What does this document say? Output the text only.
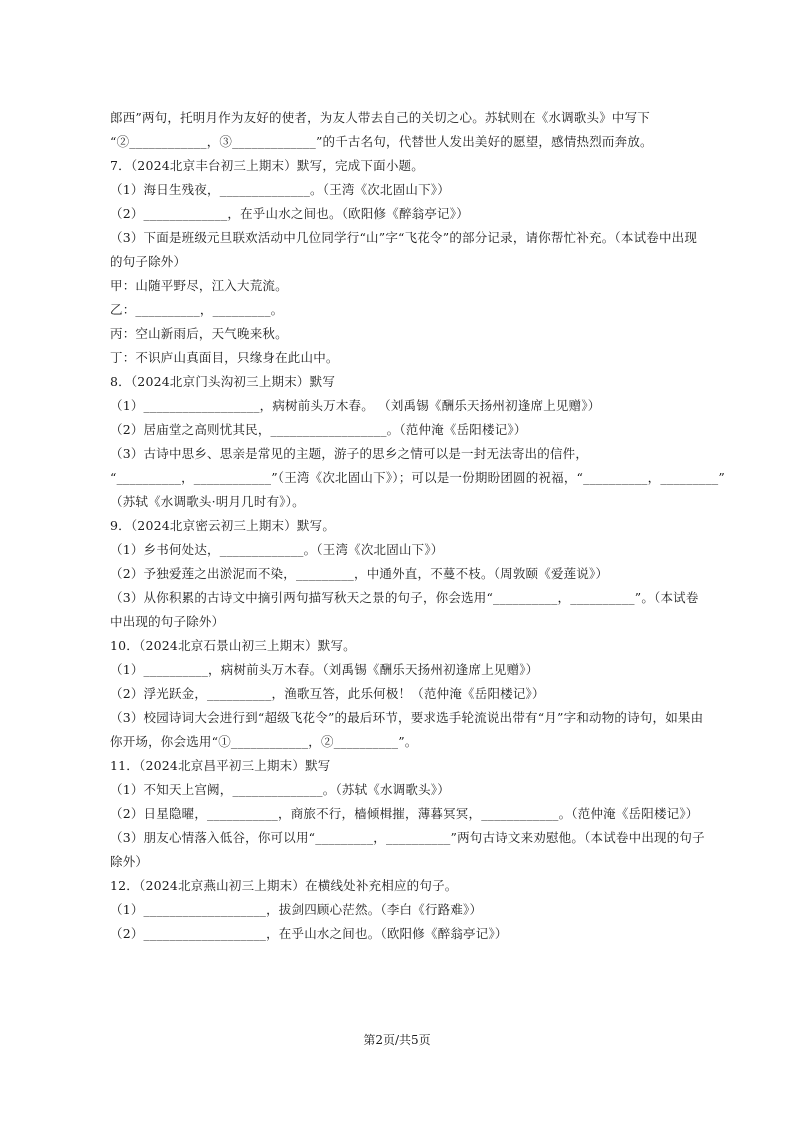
郎西”两句，托明月作为友好的使者，为友人带去自己的关切之心。苏轼则在《水调歌头》中写下
“②____________，③_____________”的千古名句，代替世人发出美好的愿望，感情热烈而奔放。
7．（2024北京丰台初三上期末）默写，完成下面小题。
（1）海日生残夜，______________。（王湾《次北固山下》）
（2）_____________，在乎山水之间也。（欧阳修《醉翁亭记》）
（3）下面是班级元旦联欢活动中几位同学行“山”字“飞花令”的部分记录，请你帮忙补充。（本试卷中出现
的句子除外）
甲：山随平野尽，江入大荒流。
乙：__________，_________。
丙：空山新雨后，天气晚来秋。
丁：不识庐山真面目，只缘身在此山中。
8．（2024北京门头沟初三上期末）默写
（1）__________________，病树前头万木春。 （刘禹锡《酬乐天扬州初逢席上见赠》）
（2）居庙堂之高则忧其民，__________________。（范仲淹《岳阳楼记》）
（3）古诗中思乡、思亲是常见的主题，游子的思乡之情可以是一封无法寄出的信件，
“__________，____________”（王湾《次北固山下》）；可以是一份期盼团圆的祝福，“__________，_________”
（苏轼《水调歌头·明月几时有》）。
9．（2024北京密云初三上期末）默写。
（1）乡书何处达，_____________。（王湾《次北固山下》）
（2）予独爱莲之出淤泥而不染，_________，中通外直，不蔓不枝。（周敦颐《爱莲说》）
（3）从你积累的古诗文中摘引两句描写秋天之景的句子，你会选用“__________，__________”。（本试卷
中出现的句子除外）
10．（2024北京石景山初三上期末）默写。
（1）__________，病树前头万木春。（刘禹锡《酬乐天扬州初逢席上见赠》）
（2）浮光跃金，__________，渔歌互答，此乐何极！（范仲淹《岳阳楼记》）
（3）校园诗词大会进行到“超级飞花令”的最后环节，要求选手轮流说出带有“月”字和动物的诗句，如果由
你开场，你会选用“①____________，②__________”。
11．（2024北京昌平初三上期末）默写
（1）不知天上宫阙，______________。（苏轼《水调歌头》）
（2）日星隐曜，___________，商旅不行，樯倾楫摧，薄暮冥冥，____________。（范仲淹《岳阳楼记》）
（3）朋友心情落入低谷，你可以用“_________，__________”两句古诗文来劝慰他。（本试卷中出现的句子
除外）
12．（2024北京燕山初三上期末）在横线处补充相应的句子。
（1）___________________，拔剑四顾心茫然。（李白《行路难》）
（2）___________________，在乎山水之间也。（欧阳修《醉翁亭记》）
第2页/共5页
